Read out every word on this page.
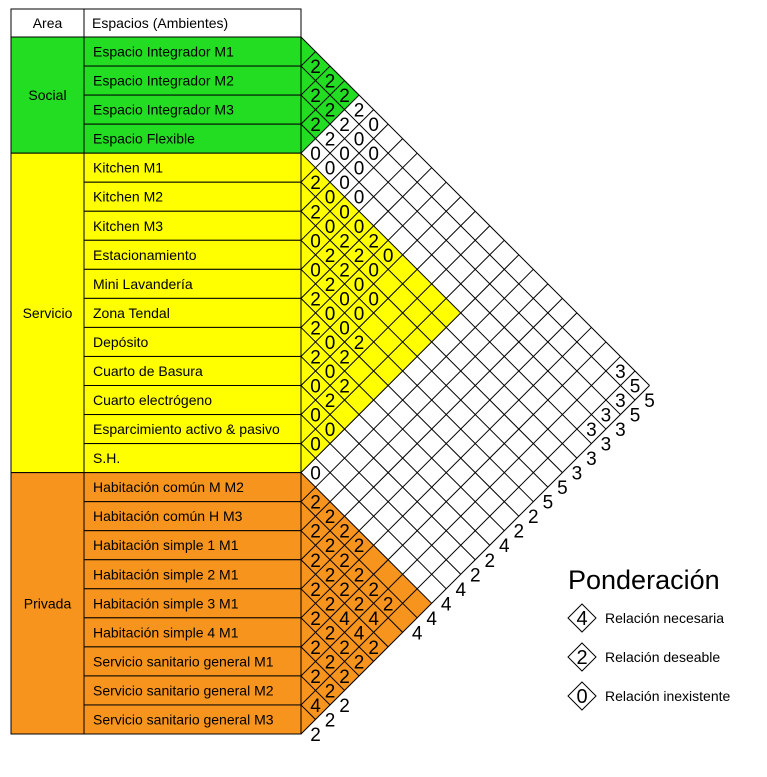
Area Espacios (Ambientes)
Social
Espacio Integrador M1
Espacio Integrador M2
Espacio Integrador M3
Espacio Flexible
Servicio
Kitchen M1
Kitchen M2
Kitchen M3
Estacionamiento
Mini Lavandería
Zona Tendal
Depósito
Cuarto de Basura
Cuarto electrógeno
Esparcimiento activo & pasivo
S.H.
Privada
Habitación común M M2
Habitación común H M3
Habitación simple 1 M1
Habitación simple 2 M1
Habitación simple 3 M1
Habitación simple 4 M1
Servicio sanitario general M1
Servicio sanitario general M2
Servicio sanitario general M3
2
2
2
2
2
2
0
2
2
2
2
0
0
0
0
2
0
0
0
0
0
0
0
0
0
2
2
0
2
2
2
2
2
2
0
0
0
0
0
2
0
0
0
0
0
0
2
2
0
2
2
0
0
0
2
2
2
2
2
2
2
2
2
2
2
2
2
2
2
2
4
2
2
2
2
2
4
4
2
4
2
2
2
2
2
2
2
5
5
5
3
3
3
3
3
3
3
3
5
5
2
2
4
2
2
4
4
4
4
Ponderación
4 Relación necesaria
2 Relación deseable
0 Relación inexistente
